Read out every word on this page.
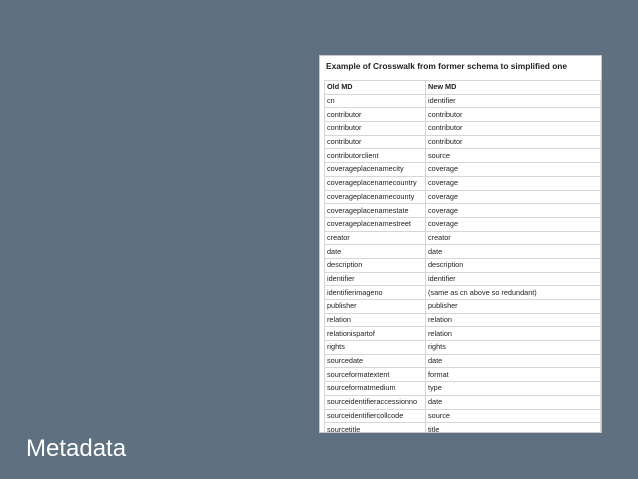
Example of Crosswalk from former schema to simplified one
Old MD	New MD
cn	identifier
contributor	contributor
contributor	contributor
contributor	contributor
contributorclient	source
coverageplacenamecity	coverage
coverageplacenamecountry	coverage
coverageplacenamecounty	coverage
coverageplacenamestate	coverage
coverageplacenamestreet	coverage
creator	creator
date	date
description	description
identifier	identifier
identifierimageno	(same as cn above so redundant)
publisher	publisher
relation	relation
relationispartof	relation
rights	rights
sourcedate	date
sourceformatextent	format
sourceformatmedium	type
sourceidentifieraccessionno	date
sourceidentifiercollcode	source
sourcetitle	title
Metadata
